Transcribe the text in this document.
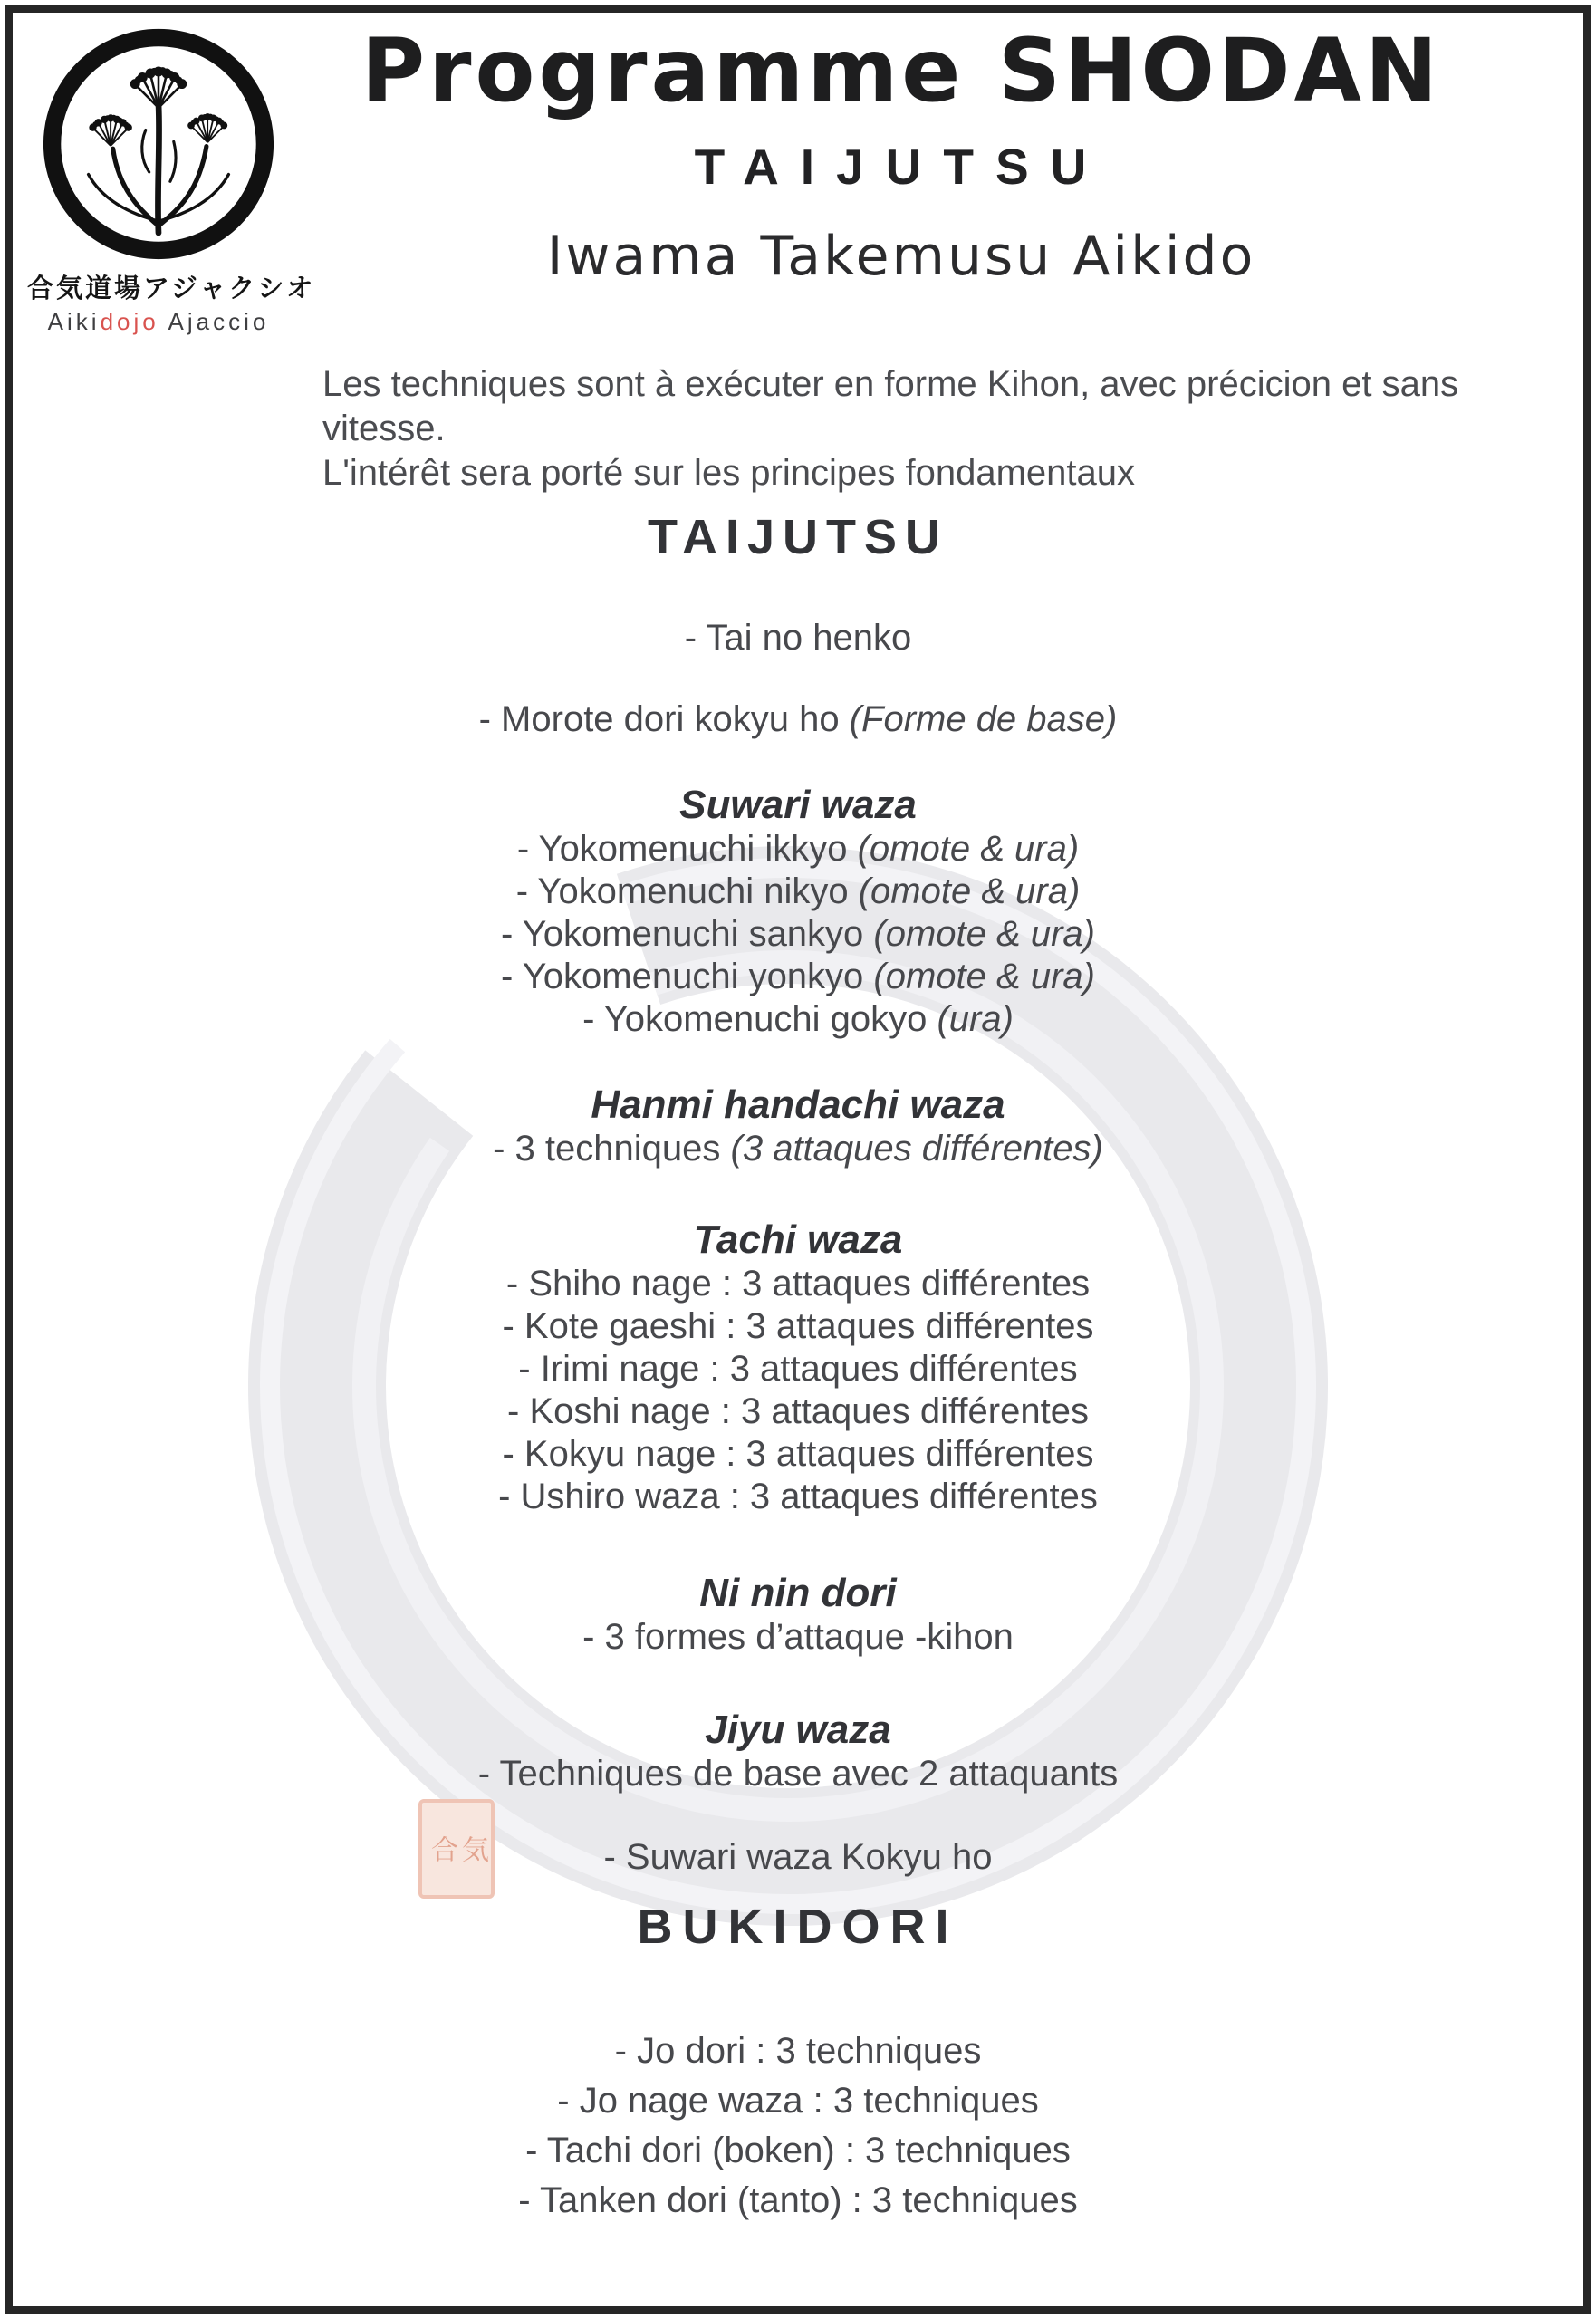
合気道場アジャクシオ
Aikidojo Ajaccio
Programme SHODAN
TAIJUTSU
Iwama Takemusu Aikido
Les techniques sont à exécuter en forme Kihon, avec précicion et sans vitesse.
L'intérêt sera porté sur les principes fondamentaux
TAIJUTSU
- Tai no henko
- Morote dori kokyu ho (Forme de base)
Suwari waza
- Yokomenuchi ikkyo (omote & ura)
- Yokomenuchi nikyo (omote & ura)
- Yokomenuchi sankyo (omote & ura)
- Yokomenuchi yonkyo (omote & ura)
- Yokomenuchi gokyo (ura)
Hanmi handachi waza
- 3 techniques (3 attaques différentes)
Tachi waza
- Shiho nage : 3 attaques différentes
- Kote gaeshi : 3 attaques différentes
- Irimi nage : 3 attaques différentes
- Koshi nage : 3 attaques différentes
- Kokyu nage : 3 attaques différentes
- Ushiro waza : 3 attaques différentes
Ni nin dori
- 3 formes d’attaque -kihon
Jiyu waza
- Techniques de base avec 2 attaquants
- Suwari waza Kokyu ho
BUKIDORI
- Jo dori : 3 techniques
- Jo nage waza : 3 techniques
- Tachi dori (boken) : 3 techniques
- Tanken dori (tanto) : 3 techniques
合 気
